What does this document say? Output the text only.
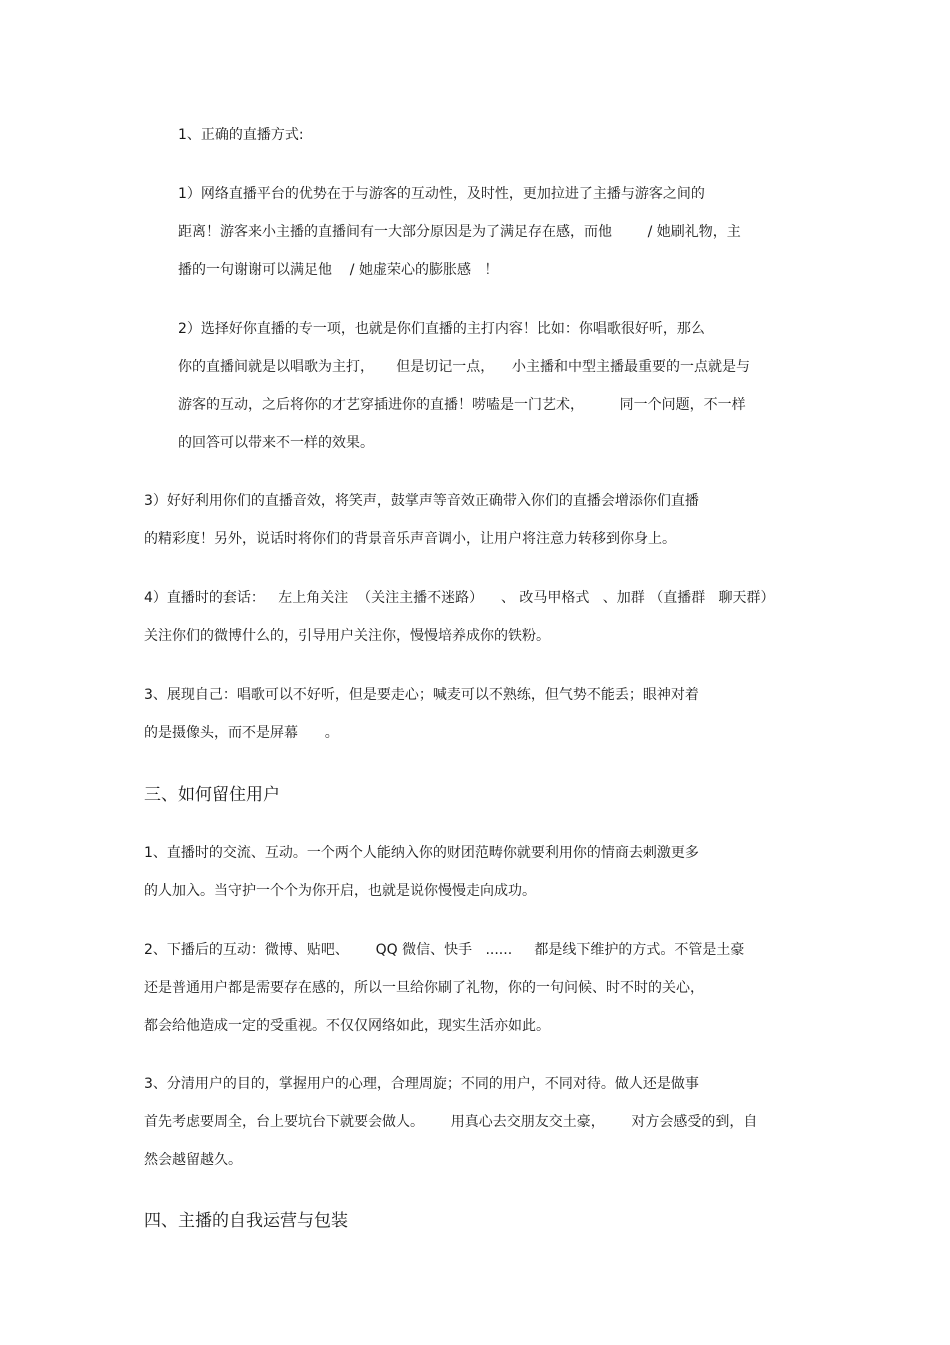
1、正确的直播方式:
1）网络直播平台的优势在于与游客的互动性，及时性，更加拉进了主播与游客之间的
距离！游客来小主播的直播间有一大部分原因是为了满足存在感，而他        / 她刷礼物，主
播的一句谢谢可以满足他    / 她虚荣心的膨胀感   ！
2）选择好你直播的专一项，也就是你们直播的主打内容！比如：你唱歌很好听，那么
你的直播间就是以唱歌为主打，     但是切记一点，    小主播和中型主播最重要的一点就是与
游客的互动，之后将你的才艺穿插进你的直播！唠嗑是一门艺术，        同一个问题，不一样
的回答可以带来不一样的效果。
3）好好利用你们的直播音效，将笑声，鼓掌声等音效正确带入你们的直播会增添你们直播
的精彩度！另外，说话时将你们的背景音乐声音调小，让用户将注意力转移到你身上。
4）直播时的套话：   左上角关注  （关注主播不迷路）    、 改马甲格式   、加群 （直播群   聊天群）
关注你们的微博什么的，引导用户关注你，慢慢培养成你的铁粉。
3、展现自己：唱歌可以不好听，但是要走心；喊麦可以不熟练，但气势不能丢；眼神对着
的是摄像头，而不是屏幕      。
三、如何留住用户
1、直播时的交流、互动。一个两个人能纳入你的财团范畴你就要利用你的情商去刺激更多
的人加入。当守护一个个为你开启，也就是说你慢慢走向成功。
2、下播后的互动：微博、贴吧、      QQ 微信、快手   ......     都是线下维护的方式。不管是土豪
还是普通用户都是需要存在感的，所以一旦给你刷了礼物，你的一句问候、时不时的关心，
都会给他造成一定的受重视。不仅仅网络如此，现实生活亦如此。
3、分清用户的目的，掌握用户的心理，合理周旋；不同的用户，不同对待。做人还是做事
首先考虑要周全，台上要坑台下就要会做人。      用真心去交朋友交土豪，      对方会感受的到，自
然会越留越久。
四、主播的自我运营与包装
